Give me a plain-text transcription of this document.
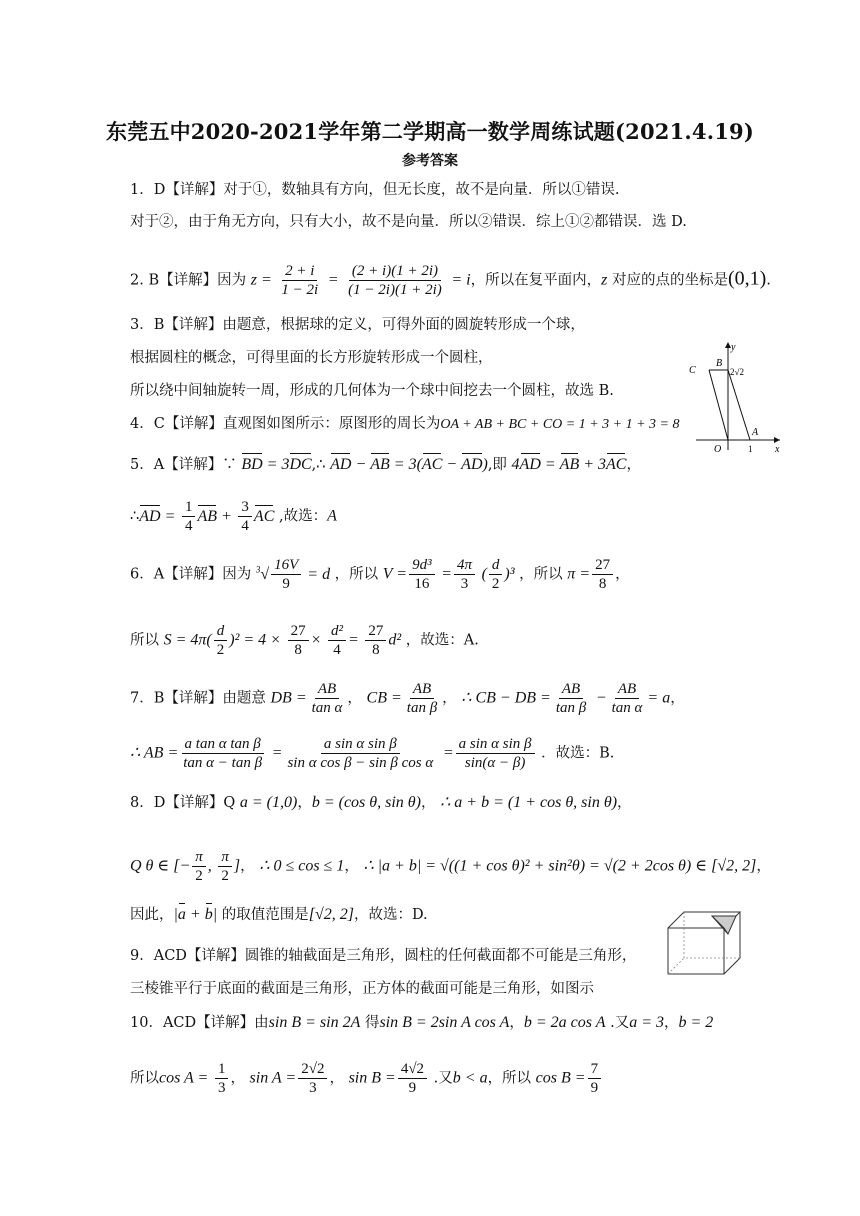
东莞五中2020-2021学年第二学期高一数学周练试题(2021.4.19)
参考答案
1．D【详解】对于①，数轴具有方向，但无长度，故不是向量．所以①错误.
对于②，由于角无方向，只有大小，故不是向量．所以②错误．综上①②都错误．选 D.
2. B【详解】因为 $z = \frac{2 + i}{1 - 2i} = \frac{(2 + i)(1 + 2i)}{(1 - 2i)(1 + 2i)} = i$，所以在复平面内，z 对应的点的坐标是(0,1).
3．B【详解】由题意，根据球的定义，可得外面的圆旋转形成一个球，
根据圆柱的概念，可得里面的长方形旋转形成一个圆柱，
所以绕中间轴旋转一周，形成的几何体为一个球中间挖去一个圆柱，故选 B.
4．C【详解】直观图如图所示：原图形的周长为OA + AB + BC + CO = 1 + 3 + 1 + 3 = 8
5．A【详解】∵ BD = 3DC,∴ AD − AB = 3(AC − AD),即 4AD = AB + 3AC，
∴AD = $\frac{1}{4}$ AB + $\frac{3}{4}$ AC ,故选：A
6．A【详解】因为 $^3√ \frac{16V}{9} = d$ ，所以 $V = \frac{\text{9d³}}{16} = \frac{4\pi}{3}$ ( $\frac{d}{2} )^3$ ，所以 $\pi = \frac{27}{8}$ ，
所以 $S = 4\pi( \frac{d}{2} )^2 = 4 \times \frac{27}{8} \times \frac{\text{d²}}{4} = \frac{27}{8} d^2$ ，故选：A.
7．B【详解】由题意 DB = $\frac{AB}{\text{tan α}}$ ， CB = $\frac{AB}{\text{tan β}}$ ， ∴ CB − DB = $\frac{AB}{\text{tan β}} - \frac{AB}{\text{tan α}} = a$，
∴ AB = $\frac{\text{a tan α tan β}}{\text{tan α − tan β}} = \frac{\text{a sin α sin β}}{\text{sin α cos β − sin β cos α}} = \frac{\text{a sin α sin β}}{\sin(\alpha - \beta)}$ ．故选：B.
8．D【详解】Q a = (1,0)，b = (cos θ, sin θ)， ∴ a + b = (1 + cos θ, sin θ)，
Q θ ∈ [− $\frac{\pi}{2}$ , $\frac{\pi}{2}$ ]， ∴ 0 ≤ cos ≤ 1， ∴ |a + b| = √((1 + cos θ)² + sin²θ) = √(2 + 2cos θ) ∈ [√2, 2]，
因此，|a + b| 的取值范围是[√2, 2]，故选：D.
9．ACD【详解】圆锥的轴截面是三角形，圆柱的任何截面都不可能是三角形，
三棱锥平行于底面的截面是三角形，正方体的截面可能是三角形，如图示
10．ACD【详解】由sin B = sin 2A 得sin B = 2sin A cos A，b = 2a cos A .又a = 3，b = 2
所以$\cos A = \frac{1}{3}$ ， $\sin A = \frac{2√2}{3}$ ， $\sin B = \frac{4√2}{9}$ .又b < a，所以 $\cos B = \frac{7}{9}$
y
x
C
B
2√2
A
O	1
